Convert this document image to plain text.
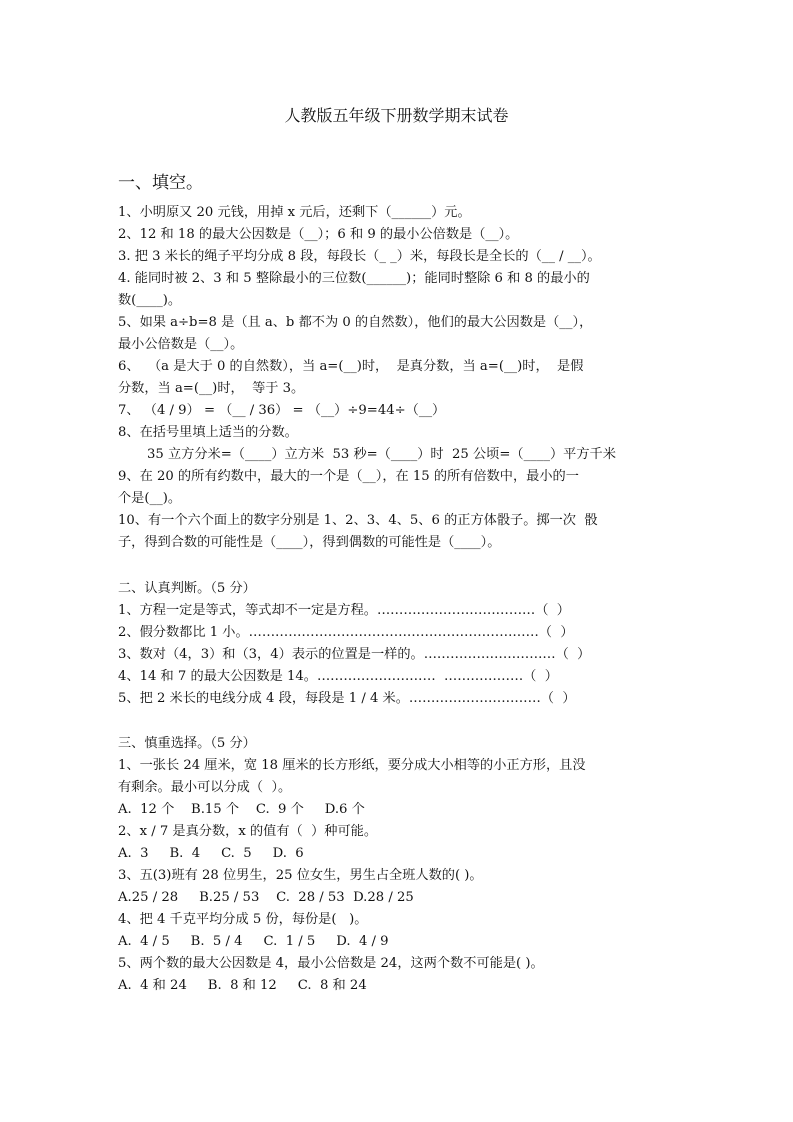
人教版五年级下册数学期末试卷
一、填空。
1、小明原又 20 元钱，用掉 x 元后，还剩下（______）元。
2、12 和 18 的最大公因数是（__）；6 和 9 的最小公倍数是（__）。
3. 把 3 米长的绳子平均分成 8 段，每段长（_ _）米，每段长是全长的（__ / __）。
4. 能同时被 2、3 和 5 整除最小的三位数(______)；能同时整除 6 和 8 的最小的
数(____)。
5、如果 a÷b=8 是（且 a、b 都不为 0 的自然数），他们的最大公因数是（__），
最小公倍数是（__）。
6、  （a 是大于 0 的自然数），当 a=(__)时，  是真分数，当 a=(__)时，  是假
分数，当 a=(__)时，  等于 3。
7、 （4 / 9） = （__ / 36） = （__）÷9=44÷（__）
8、在括号里填上适当的分数。
35 立方分米=（____）立方米  53 秒=（____）时  25 公顷=（____）平方千米
9、在 20 的所有约数中，最大的一个是（__），在 15 的所有倍数中，最小的一
个是(__)。
10、有一个六个面上的数字分别是 1、2、3、4、5、6 的正方体骰子。掷一次  骰
子，得到合数的可能性是（____），得到偶数的可能性是（____）。
二、认真判断。（5 分）
1、方程一定是等式，等式却不一定是方程。………………………………（  ）
2、假分数都比 1 小。…………………………………………………………（  ）
3、数对（4，3）和（3，4）表示的位置是一样的。…………………………（  ）
4、14 和 7 的最大公因数是 14。………………………  ………………（  ）
5、把 2 米长的电线分成 4 段，每段是 1 / 4 米。…………………………（  ）
三、慎重选择。（5 分）
1、一张长 24 厘米，宽 18 厘米的长方形纸，要分成大小相等的小正方形，且没
有剩余。最小可以分成（  ）。
A.  12 个    B.15 个    C.  9 个     D.6 个
2、x / 7 是真分数，x 的值有（  ）种可能。
A.  3     B.  4     C.  5     D.  6
3、五(3)班有 28 位男生，25 位女生，男生占全班人数的( )。
A.25 / 28     B.25 / 53    C.  28 / 53  D.28 / 25
4、把 4 千克平均分成 5 份，每份是(   )。
A.  4 / 5     B.  5 / 4     C.  1 / 5     D.  4 / 9
5、两个数的最大公因数是 4，最小公倍数是 24，这两个数不可能是( )。
A.  4 和 24     B.  8 和 12     C.  8 和 24
